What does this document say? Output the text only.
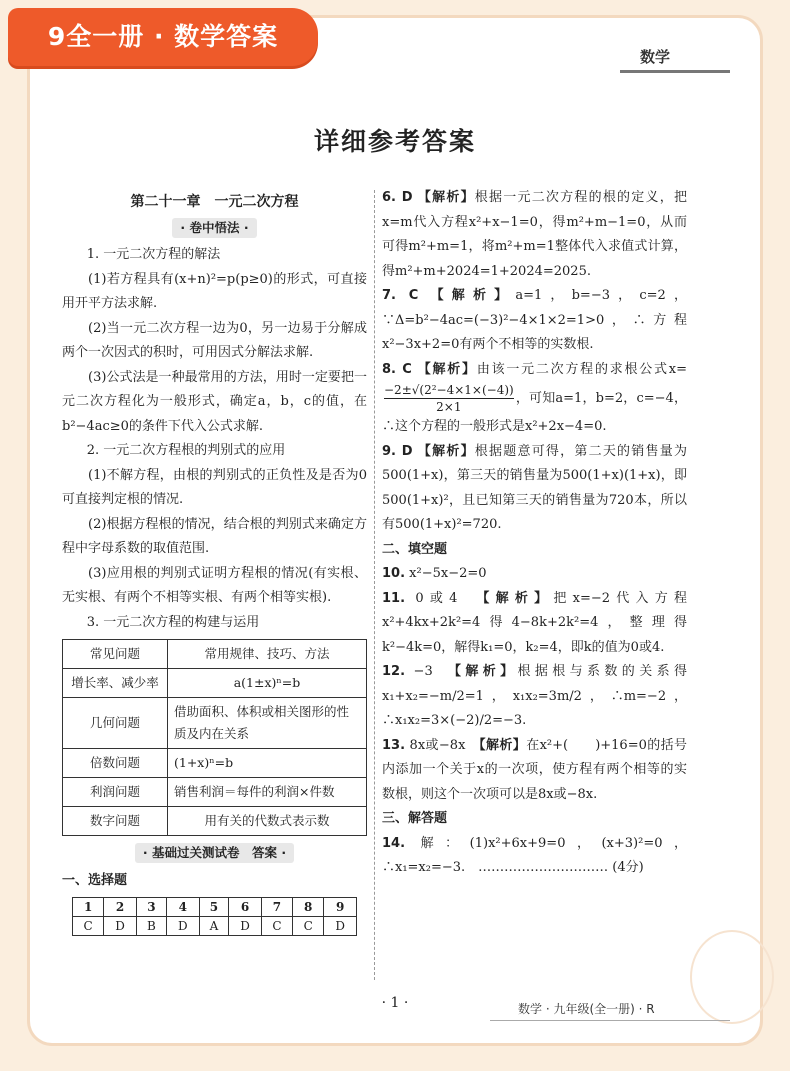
9全一册 · 数学答案
数学
详细参考答案
第二十一章　一元二次方程
· 卷中悟法 ·

1. 一元二次方程的解法

(1)若方程具有(x+n)²=p(p≥0)的形式，可直接用开平方法求解.

(2)当一元二次方程一边为0，另一边易于分解成两个一次因式的积时，可用因式分解法求解.

(3)公式法是一种最常用的方法，用时一定要把一元二次方程化为一般形式，确定a，b，c的值，在b²−4ac≥0的条件下代入公式求解.

2. 一元二次方程根的判别式的应用

(1)不解方程，由根的判别式的正负性及是否为0可直接判定根的情况.

(2)根据方程根的情况，结合根的判别式来确定方程中字母系数的取值范围.

(3)应用根的判别式证明方程根的情况(有实根、无实根、有两个不相等实根、有两个相等实根).

3. 一元二次方程的构建与运用

常见问题	常用规律、技巧、方法
增长率、减少率	a(1±x)ⁿ=b
几何问题	借助面积、体积或相关图形的性质及内在关系
倍数问题	(1+x)ⁿ=b
利润问题	销售利润＝每件的利润×件数
数字问题	用有关的代数式表示数
· 基础过关测试卷　答案 ·
一、选择题
1	2	3	4	5	6	7	8	9
C	D	B	D	A	D	C	C	D

6. D 【解析】根据一元二次方程的根的定义，把x=m代入方程x²+x−1=0，得m²+m−1=0，从而可得m²+m=1，将m²+m=1整体代入求值式计算，得m²+m+2024=1+2024=2025.

7. C 【解析】a=1，b=−3，c=2，∵Δ=b²−4ac=(−3)²−4×1×2=1>0，∴方程x²−3x+2=0有两个不相等的实数根.

8. C 【解析】由该一元二次方程的求根公式x=
$\frac{\text{−2±√(2²−4×1×(−4))}}{2\times 1}$ ，可知a=1，b=2，c=−4，∴这个方程的一般形式是x²+2x−4=0.

9. D 【解析】根据题意可得，第二天的销售量为500(1+x)，第三天的销售量为500(1+x)(1+x)，即500(1+x)²，且已知第三天的销售量为720本，所以有500(1+x)²=720.

二、填空题

10. x²−5x−2=0

11. 0或4　 【解析】把x=−2代入方程x²+4kx+2k²=4得4−8k+2k²=4，整理得k²−4k=0，解得k₁=0，k₂=4，即k的值为0或4.

12. −3　 【解析】根据根与系数的关系得x₁+x₂=−m/2=1，x₁x₂=3m/2，∴m=−2，∴x₁x₂=3×(−2)/2=−3.

13. 8x或−8x　 【解析】在x²+(　　)+16=0的括号内添加一个关于x的一次项，使方程有两个相等的实数根，则这个一次项可以是8x或−8x.

三、解答题

14. 解：(1)x²+6x+9=0，(x+3)²=0，∴x₁=x₂=−3.　………………………… (4分)

· 1 ·	数学 · 九年级(全一册) · R
